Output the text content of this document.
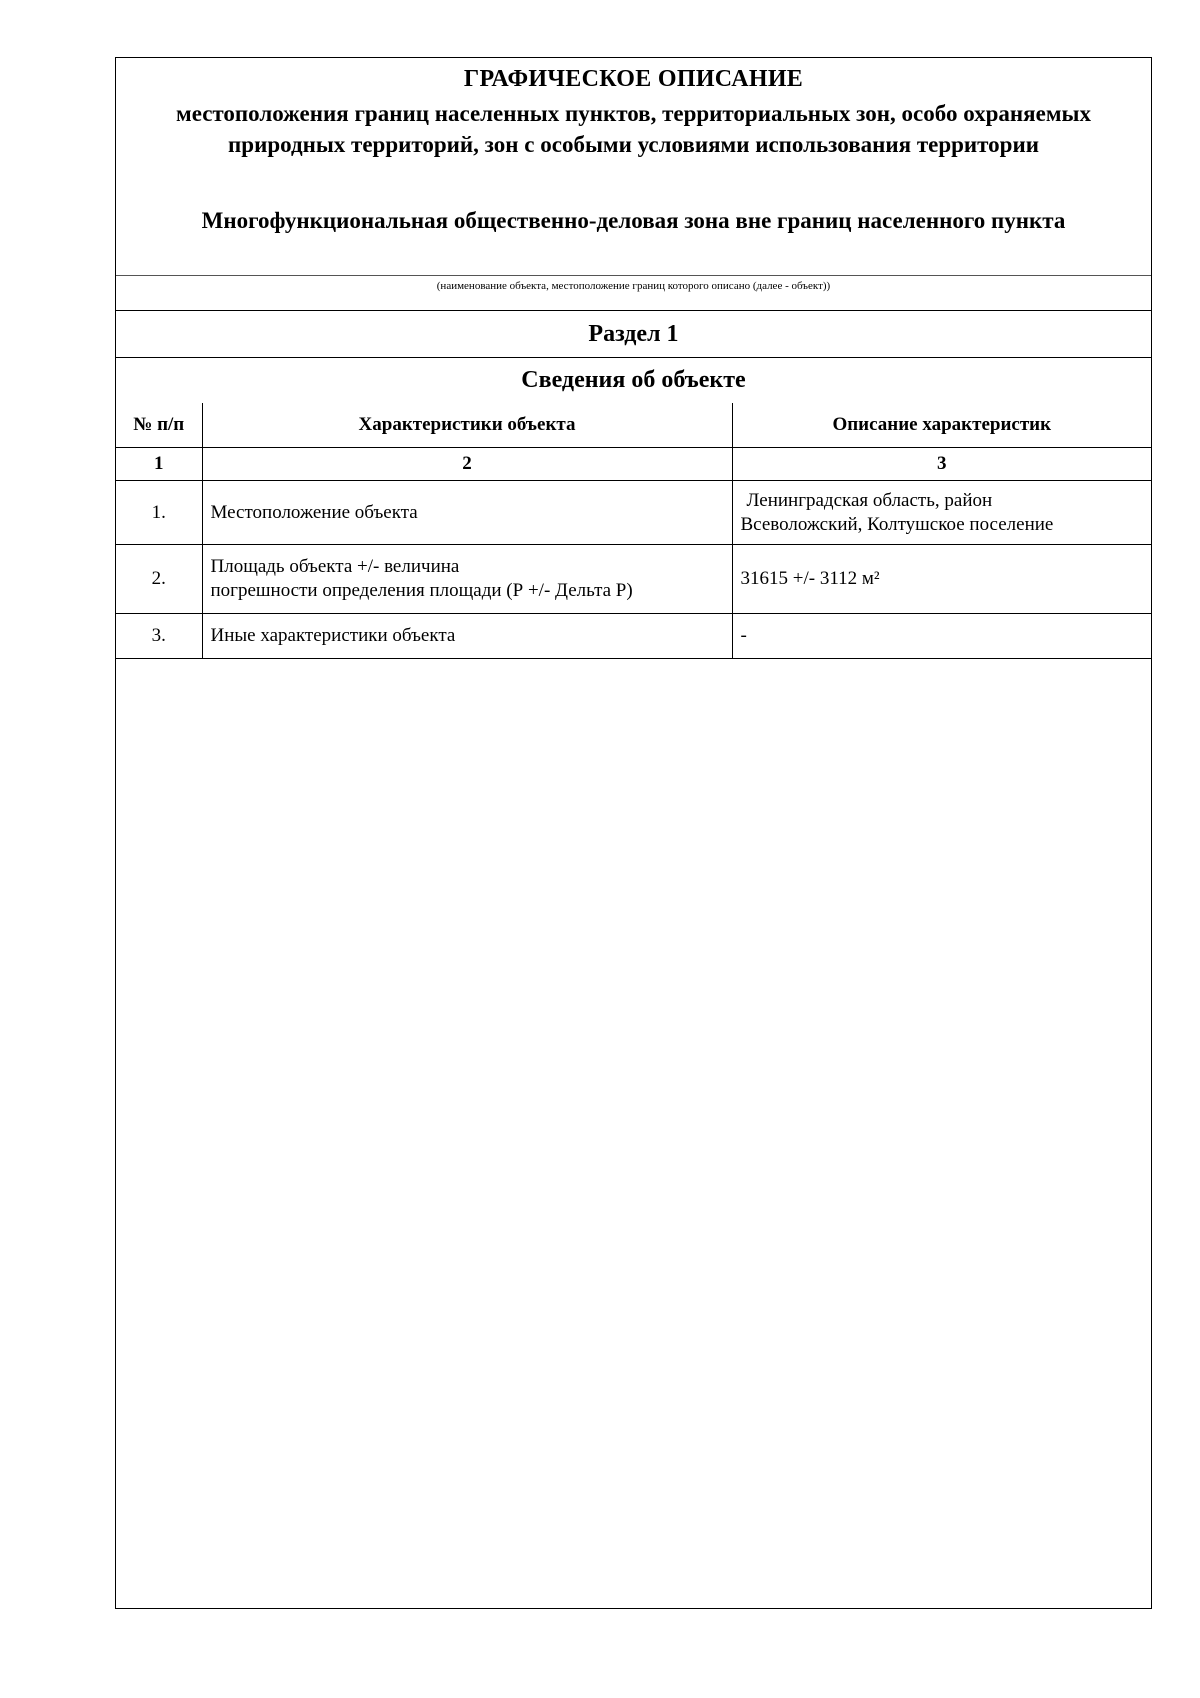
ГРАФИЧЕСКОЕ ОПИСАНИЕ

местоположения границ населенных пунктов, территориальных зон, особо охраняемых природных территорий, зон с особыми условиями использования территории

Многофункциональная общественно-деловая зона вне границ населенного пункта

(наименование объекта, местоположение границ которого описано (далее - объект))
Раздел 1
Сведения об объекте
№ п/п	Характеристики объекта	Описание характеристик
1	2	3
1.	Местоположение объекта	Ленинградская область, район
Всеволожский, Колтушское поселение

2.	Площадь объекта +/- величина
погрешности определения площади (Р +/- Дельта Р)	31615 +/- 3112 м²
3.	Иные характеристики объекта	-
